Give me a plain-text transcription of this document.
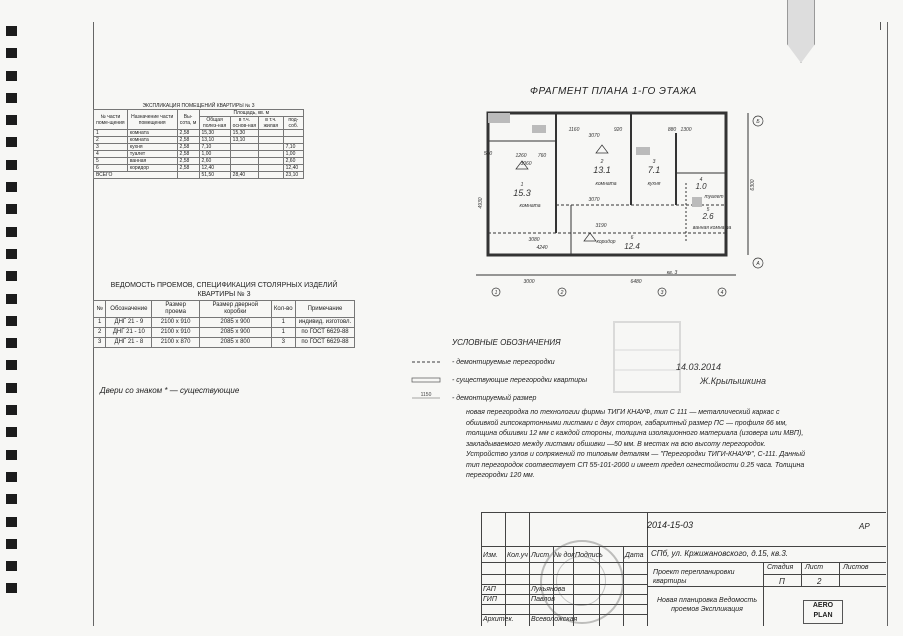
ФРАГМЕНТ ПЛАНА 1-ГО ЭТАЖА
ЭКСПЛИКАЦИЯ ПОМЕЩЕНИЙ КВАРТИРЫ № 3						
№ части поме-щения	Назначение части помещения	Вы-сота, м	Площадь, кв. м			
			Общая полез-ная	в т.ч. основ-ная	в т.ч. жилая	под-соб.
1	комната	2,58	15,30	15,30		
2	комната	2,58	13,10	13,10		
3	кухня	2,58	7,10			7,10
4	туалет	2,58	1,00			1,00
5	ванная	2,58	2,60			2,60
6	коридор	2,58	12,40			12,40
ВСЕГО			51,50	28,40		23,10
ВЕДОМОСТЬ ПРОЕМОВ, СПЕЦИФИКАЦИЯ СТОЛЯРНЫХ ИЗДЕЛИЙ КВАРТИРЫ № 3					
№	Обозначение	Размер проема	Размер дверной коробки	Кол-во	Примечание
1	ДНГ 21 - 9	2100 x 910	2085 x 900	1	индивид. изготовл.
2	ДНГ 21 - 10	2100 x 910	2085 x 900	1	по ГОСТ 6629-88
3	ДНГ 21 - 8	2100 x 870	2085 x 800	3	по ГОСТ 6629-88
Двери со знаком * — существующие
1	2	3	4
Б
А
3000	6480
6300
4930
1260 760
1160	920	1300
3070
3060
3070
3190
3080
4240
560
880
1
15.3
комната
2
13.1
комната
3
7.1
кухня
4
1.0
туалет
5
2.6
ванная комната
6
12.4
коридор
кв. 3
УСЛОВНЫЕ ОБОЗНАЧЕНИЯ
1150
- демонтируемые перегородки
- существующие перегородки квартиры
- демонтируемый размер
новая перегородка по технологии фирмы ТИГИ КНАУФ, тип С 111 — металлический каркас с обшивкой гипсокартонными листами с двух сторон, габаритный размер ПС — профиля 66 мм, толщина обшивки 12 мм с каждой стороны, толщина изоляционного материала (изовера или МВП), закладываемого между листами обшивки —50 мм. В местах на всю высоту перегородок. Устройство узлов и сопряжений по типовым деталям — "Перегородки ТИГИ-КНАУФ", С-111. Данный тип перегородок соотвествует СП 55-101-2000 и имеет предел огнестойкости 0.25 часа. Толщина перегородки 120 мм.
14.03.2014
Ж.Крылышкина
2014-15-03	АР
СПб, ул. Кржижановского, д.15, кв.3.
Изм. Кол.уч Лист № док Подпись	Дата
Проект перепланировки квартиры
Стадия Лист	Листов
П	2
ГАП	Лукьянова
ГИП	Павлов
Архитек. Всеволожская
Новая планировка Ведомость проемов Экспликация
AERO PLAN
